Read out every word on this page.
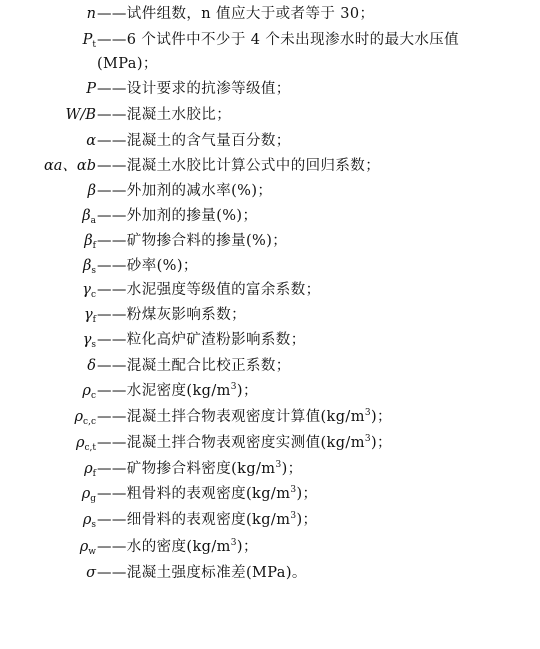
n ——试件组数，n 值应大于或者等于 30；
$P_t$ ——6 个试件中不少于 4 个未出现渗水时的最大水压值
(MPa)；
P ——设计要求的抗渗等级值；
W/B ——混凝土水胶比；
α ——混凝土的含气量百分数；
αa、αb ——混凝土水胶比计算公式中的回归系数；
β ——外加剂的减水率(%)；
$\beta_a$ ——外加剂的掺量(%)；
$\beta_f$ ——矿物掺合料的掺量(%)；
$\beta_s$ ——砂率(%)；
$\gamma_c$ ——水泥强度等级值的富余系数；
$\gamma_f$ ——粉煤灰影响系数；
$\gamma_s$ ——粒化高炉矿渣粉影响系数；
δ ——混凝土配合比校正系数；
$\rho_c$ ——水泥密度$(kg/m^3)$；
$\rho_{c,c}$ ——混凝土拌合物表观密度计算值$(kg/m^3)$；
$\rho_{c,t}$ ——混凝土拌合物表观密度实测值$(kg/m^3)$；
$\rho_f$ ——矿物掺合料密度$(kg/m^3)$；
$\rho_g$ ——粗骨料的表观密度$(kg/m^3)$；
$\rho_s$ ——细骨料的表观密度$(kg/m^3)$；
$\rho_w$ ——水的密度$(kg/m^3)$；
σ ——混凝土强度标准差(MPa)。
